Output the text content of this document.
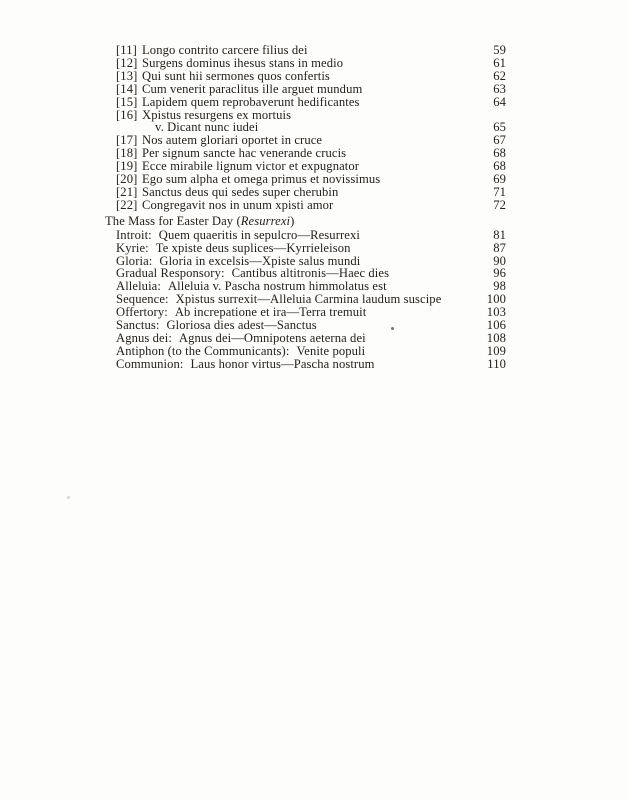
[11] Longo contrito carcere filius dei	59
[12] Surgens dominus ihesus stans in medio	61
[13] Qui sunt hii sermones quos confertis	62
[14] Cum venerit paraclitus ille arguet mundum	63
[15] Lapidem quem reprobaverunt hedificantes	64
[16] Xpistus resurgens ex mortuis
v. Dicant nunc iudei	65
[17] Nos autem gloriari oportet in cruce	67
[18] Per signum sancte hac venerande crucis	68
[19] Ecce mirabile lignum victor et expugnator	68
[20] Ego sum alpha et omega primus et novissimus	69
[21] Sanctus deus qui sedes super cherubin	71
[22] Congregavit nos in unum xpisti amor	72
The Mass for Easter Day (Resurrexi)
Introit: Quem quaeritis in sepulcro—Resurrexi	81
Kyrie: Te xpiste deus suplices—Kyrrieleison	87
Gloria: Gloria in excelsis—Xpiste salus mundi	90
Gradual Responsory: Cantibus altitronis—Haec dies	96
Alleluia: Alleluia v. Pascha nostrum himmolatus est	98
Sequence: Xpistus surrexit—Alleluia Carmina laudum suscipe	100
Offertory: Ab increpatione et ira—Terra tremuit	103
Sanctus: Gloriosa dies adest—Sanctus	106
Agnus dei: Agnus dei—Omnipotens aeterna dei	108
Antiphon (to the Communicants): Venite populi	109
Communion: Laus honor virtus—Pascha nostrum	110
